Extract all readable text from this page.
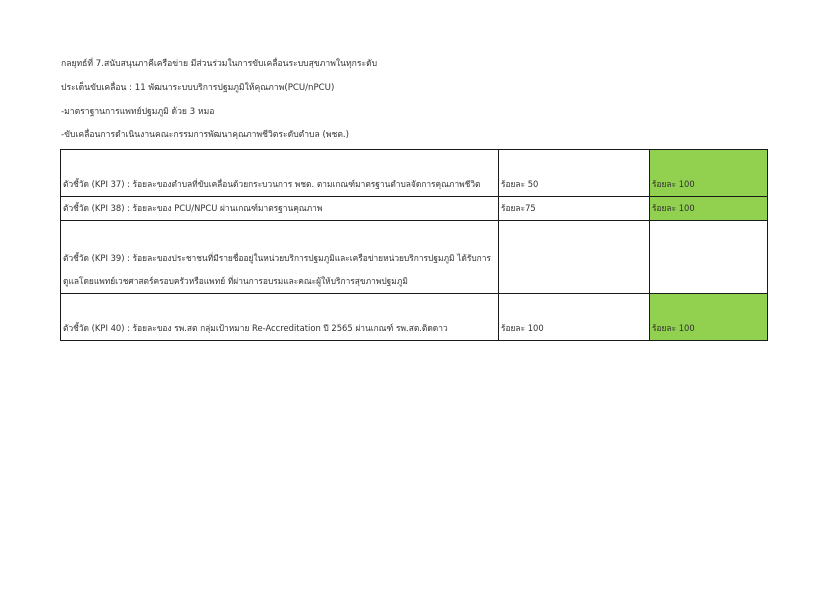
กลยุทธ์ที่ 7.สนับสนุนภาคีเครือข่าย มีส่วนร่วมในการขับเคลื่อนระบบสุขภาพในทุกระดับ
ประเด็นขับเคลื่อน : 11 พัฒนาระบบบริการปฐมภูมิให้คุณภาพ(PCU/nPCU)
-มาตราฐานการแพทย์ปฐมภูมิ ด้วย 3 หมอ
-ขับเคลื่อนการดำเนินงานคณะกรรมการพัฒนาคุณภาพชีวิตระดับตำบล (พชต.)
ตัวชี้วัด (KPI 37) : ร้อยละของตำบลที่ขับเคลื่อนด้วยกระบวนการ พชต. ตามเกณฑ์มาตรฐานตำบลจัดการคุณภาพชีวิต	ร้อยละ 50	ร้อยละ 100
ตัวชี้วัด (KPI 38) : ร้อยละของ PCU/NPCU ผ่านเกณฑ์มาตรฐานคุณภาพ	ร้อยละ75	ร้อยละ 100

ตัวชี้วัด (KPI 39) : ร้อยละของประชาชนที่มีรายชื่ออยู่ในหน่วยบริการปฐมภูมิและเครือข่ายหน่วยบริการปฐมภูมิ ได้รับการดูแลโดยแพทย์เวชศาสตร์ครอบครัวหรือแพทย์ ที่ผ่านการอบรมและคณะผู้ให้บริการสุขภาพปฐมภูมิ		

ตัวชี้วัด (KPI 40) : ร้อยละของ รพ.สต กลุ่มเป้าหมาย Re-Accreditation ปี 2565 ผ่านเกณฑ์ รพ.สต.ติดดาว	ร้อยละ 100	ร้อยละ 100
